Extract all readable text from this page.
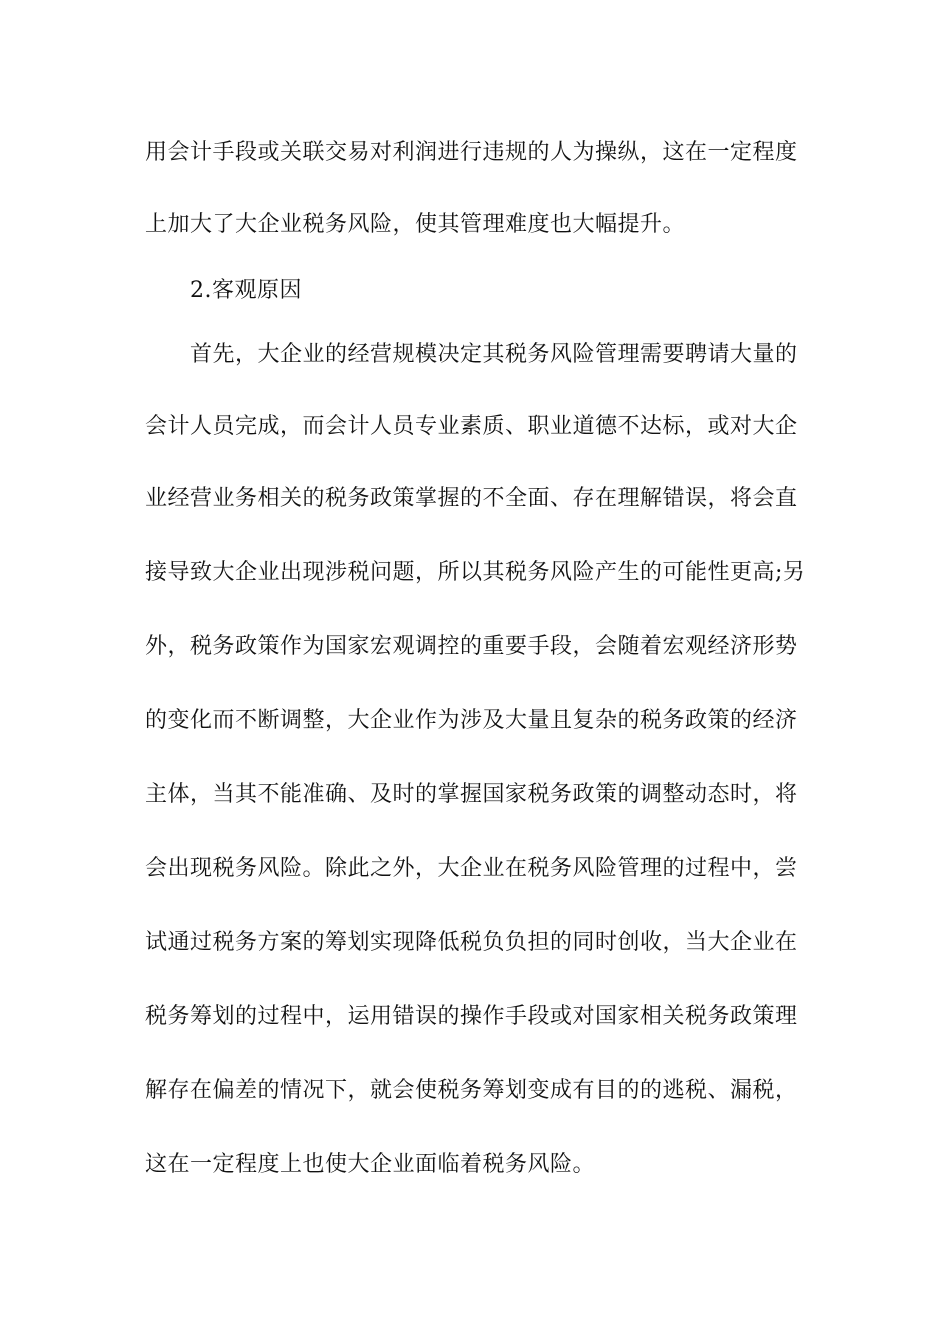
用会计手段或关联交易对利润进行违规的人为操纵，这在一定程度
上加大了大企业税务风险，使其管理难度也大幅提升。
2.客观原因
首先，大企业的经营规模决定其税务风险管理需要聘请大量的
会计人员完成，而会计人员专业素质、职业道德不达标，或对大企
业经营业务相关的税务政策掌握的不全面、存在理解错误，将会直
接导致大企业出现涉税问题，所以其税务风险产生的可能性更高;另
外，税务政策作为国家宏观调控的重要手段，会随着宏观经济形势
的变化而不断调整，大企业作为涉及大量且复杂的税务政策的经济
主体，当其不能准确、及时的掌握国家税务政策的调整动态时，将
会出现税务风险。除此之外，大企业在税务风险管理的过程中，尝
试通过税务方案的筹划实现降低税负负担的同时创收，当大企业在
税务筹划的过程中，运用错误的操作手段或对国家相关税务政策理
解存在偏差的情况下，就会使税务筹划变成有目的的逃税、漏税，
这在一定程度上也使大企业面临着税务风险。
